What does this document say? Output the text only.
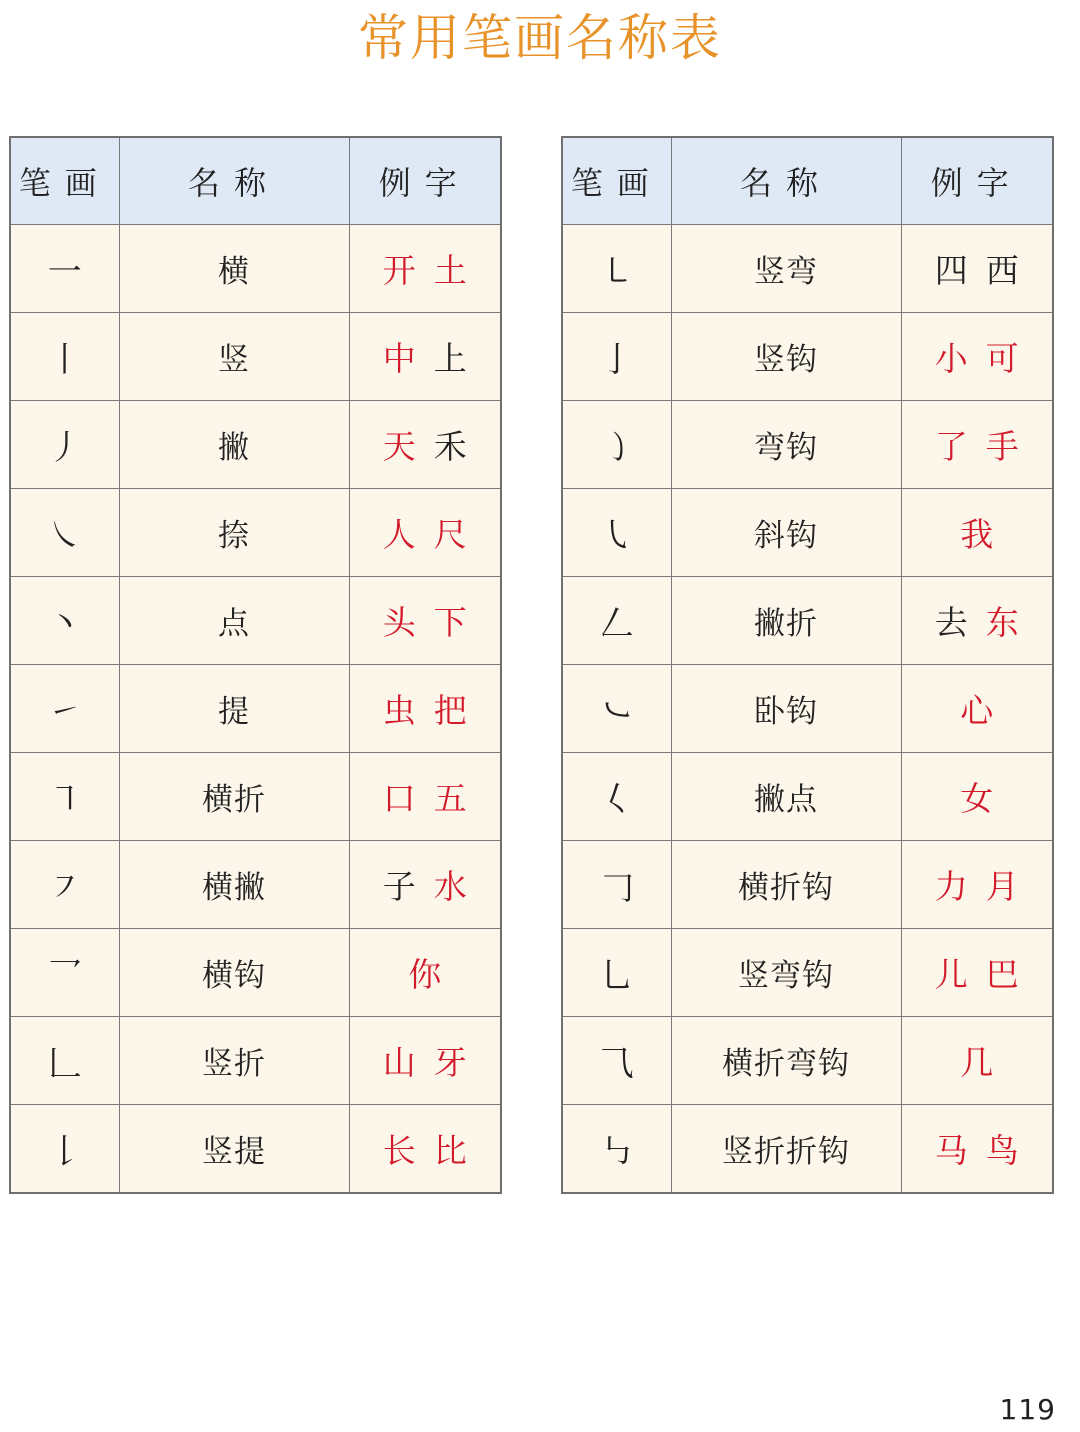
常用笔画名称表
笔画	名称	例字
一	横	开土
丨	竖	中上
丿	撇	天禾
㇏	捺	人尺
丶	点	头下
㇀	提	虫把
㇕	横折	口五
㇇	横撇	子水
乛	横钩	你
𠃊	竖折	山牙
𠄌	竖提	长比
笔画	名称	例字
㇄	竖弯	四西
亅	竖钩	小可
㇁	弯钩	了手
㇂	斜钩	我
𠃋	撇折	去东
㇃	卧钩	心
𡿨	撇点	女
𠃌	横折钩	力月
乚	竖弯钩	儿巴
⺄	横折弯钩	几
㇉	竖折折钩	马鸟
119
